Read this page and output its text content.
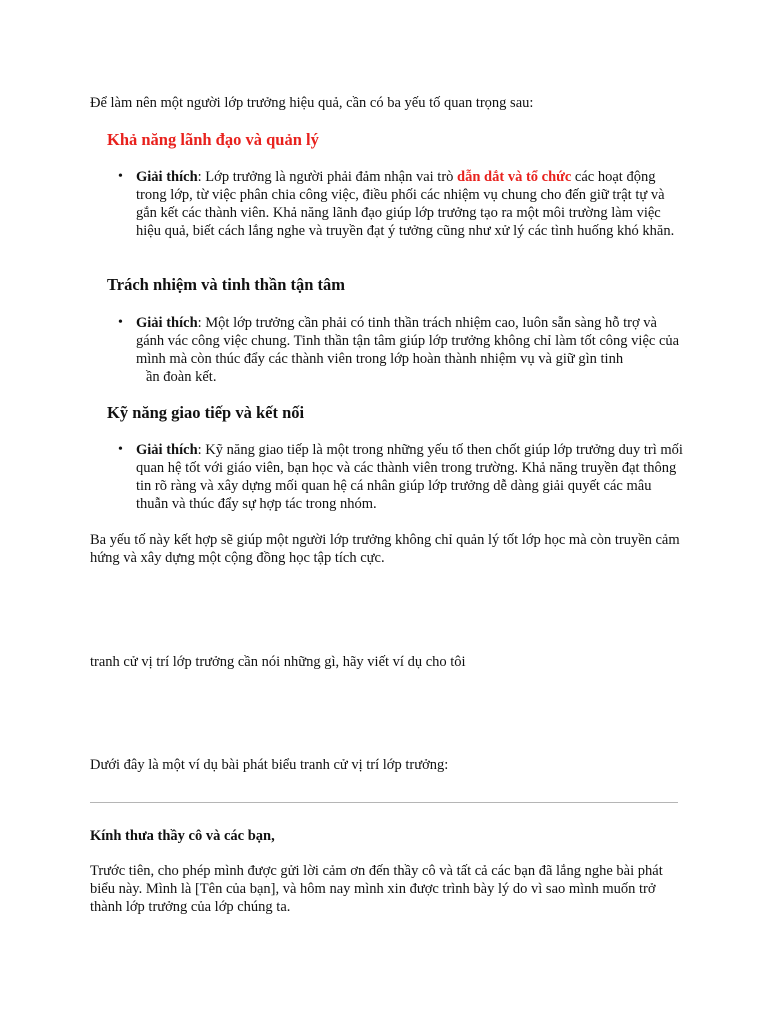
Để làm nên một người lớp trưởng hiệu quả, cần có ba yếu tố quan trọng sau:

Khả năng lãnh đạo và quản lý
• Giải thích: Lớp trưởng là người phải đảm nhận vai trò dẫn dắt và tổ chức các hoạt động trong lớp, từ việc phân chia công việc, điều phối các nhiệm vụ chung cho đến giữ trật tự và gắn kết các thành viên. Khả năng lãnh đạo giúp lớp trưởng tạo ra một môi trường làm việc hiệu quả, biết cách lắng nghe và truyền đạt ý tưởng cũng như xử lý các tình huống khó khăn.

Trách nhiệm và tinh thần tận tâm
• Giải thích: Một lớp trưởng cần phải có tinh thần trách nhiệm cao, luôn sẵn sàng hỗ trợ và gánh vác công việc chung. Tinh thần tận tâm giúp lớp trưởng không chỉ làm tốt công việc của mình mà còn thúc đẩy các thành viên trong lớp hoàn thành nhiệm vụ và giữ gìn tinh
ần đoàn kết.

Kỹ năng giao tiếp và kết nối
• Giải thích: Kỹ năng giao tiếp là một trong những yếu tố then chốt giúp lớp trưởng duy trì mối quan hệ tốt với giáo viên, bạn học và các thành viên trong trường. Khả năng truyền đạt thông tin rõ ràng và xây dựng mối quan hệ cá nhân giúp lớp trưởng dễ dàng giải quyết các mâu thuẫn và thúc đẩy sự hợp tác trong nhóm.

Ba yếu tố này kết hợp sẽ giúp một người lớp trưởng không chỉ quản lý tốt lớp học mà còn truyền cảm hứng và xây dựng một cộng đồng học tập tích cực.

tranh cử vị trí lớp trưởng cần nói những gì, hãy viết ví dụ cho tôi

Dưới đây là một ví dụ bài phát biểu tranh cử vị trí lớp trưởng:

Kính thưa thầy cô và các bạn,

Trước tiên, cho phép mình được gửi lời cảm ơn đến thầy cô và tất cả các bạn đã lắng nghe bài phát biểu này. Mình là [Tên của bạn], và hôm nay mình xin được trình bày lý do vì sao mình muốn trở thành lớp trưởng của lớp chúng ta.
